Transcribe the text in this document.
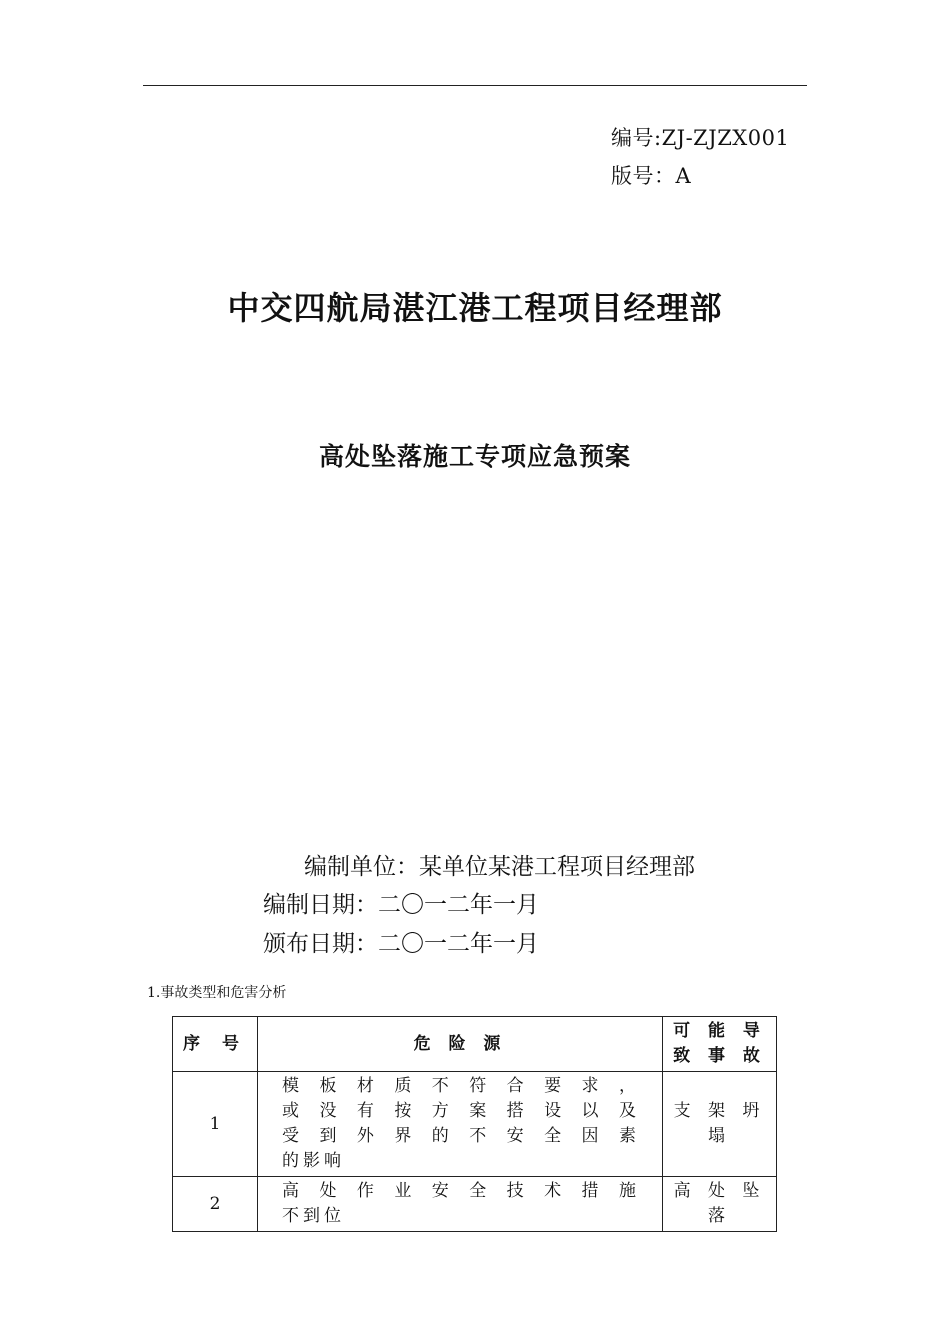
编号:ZJ-ZJZX001
版号：A
中交四航局湛江港工程项目经理部
高处坠落施工专项应急预案
编制单位：某单位某港工程项目经理部
编制日期：二〇一二年一月
颁布日期：二〇一二年一月
1.事故类型和危害分析
序 号	危 险 源	可 能 导
致 事 故

1	模板材质不符合要求，
或没有按方案搭设以及
受到外界的不安全因素
的影响	支 架 坍
塌

2	高处作业安全技术措施
不到位	高 处 坠
落
